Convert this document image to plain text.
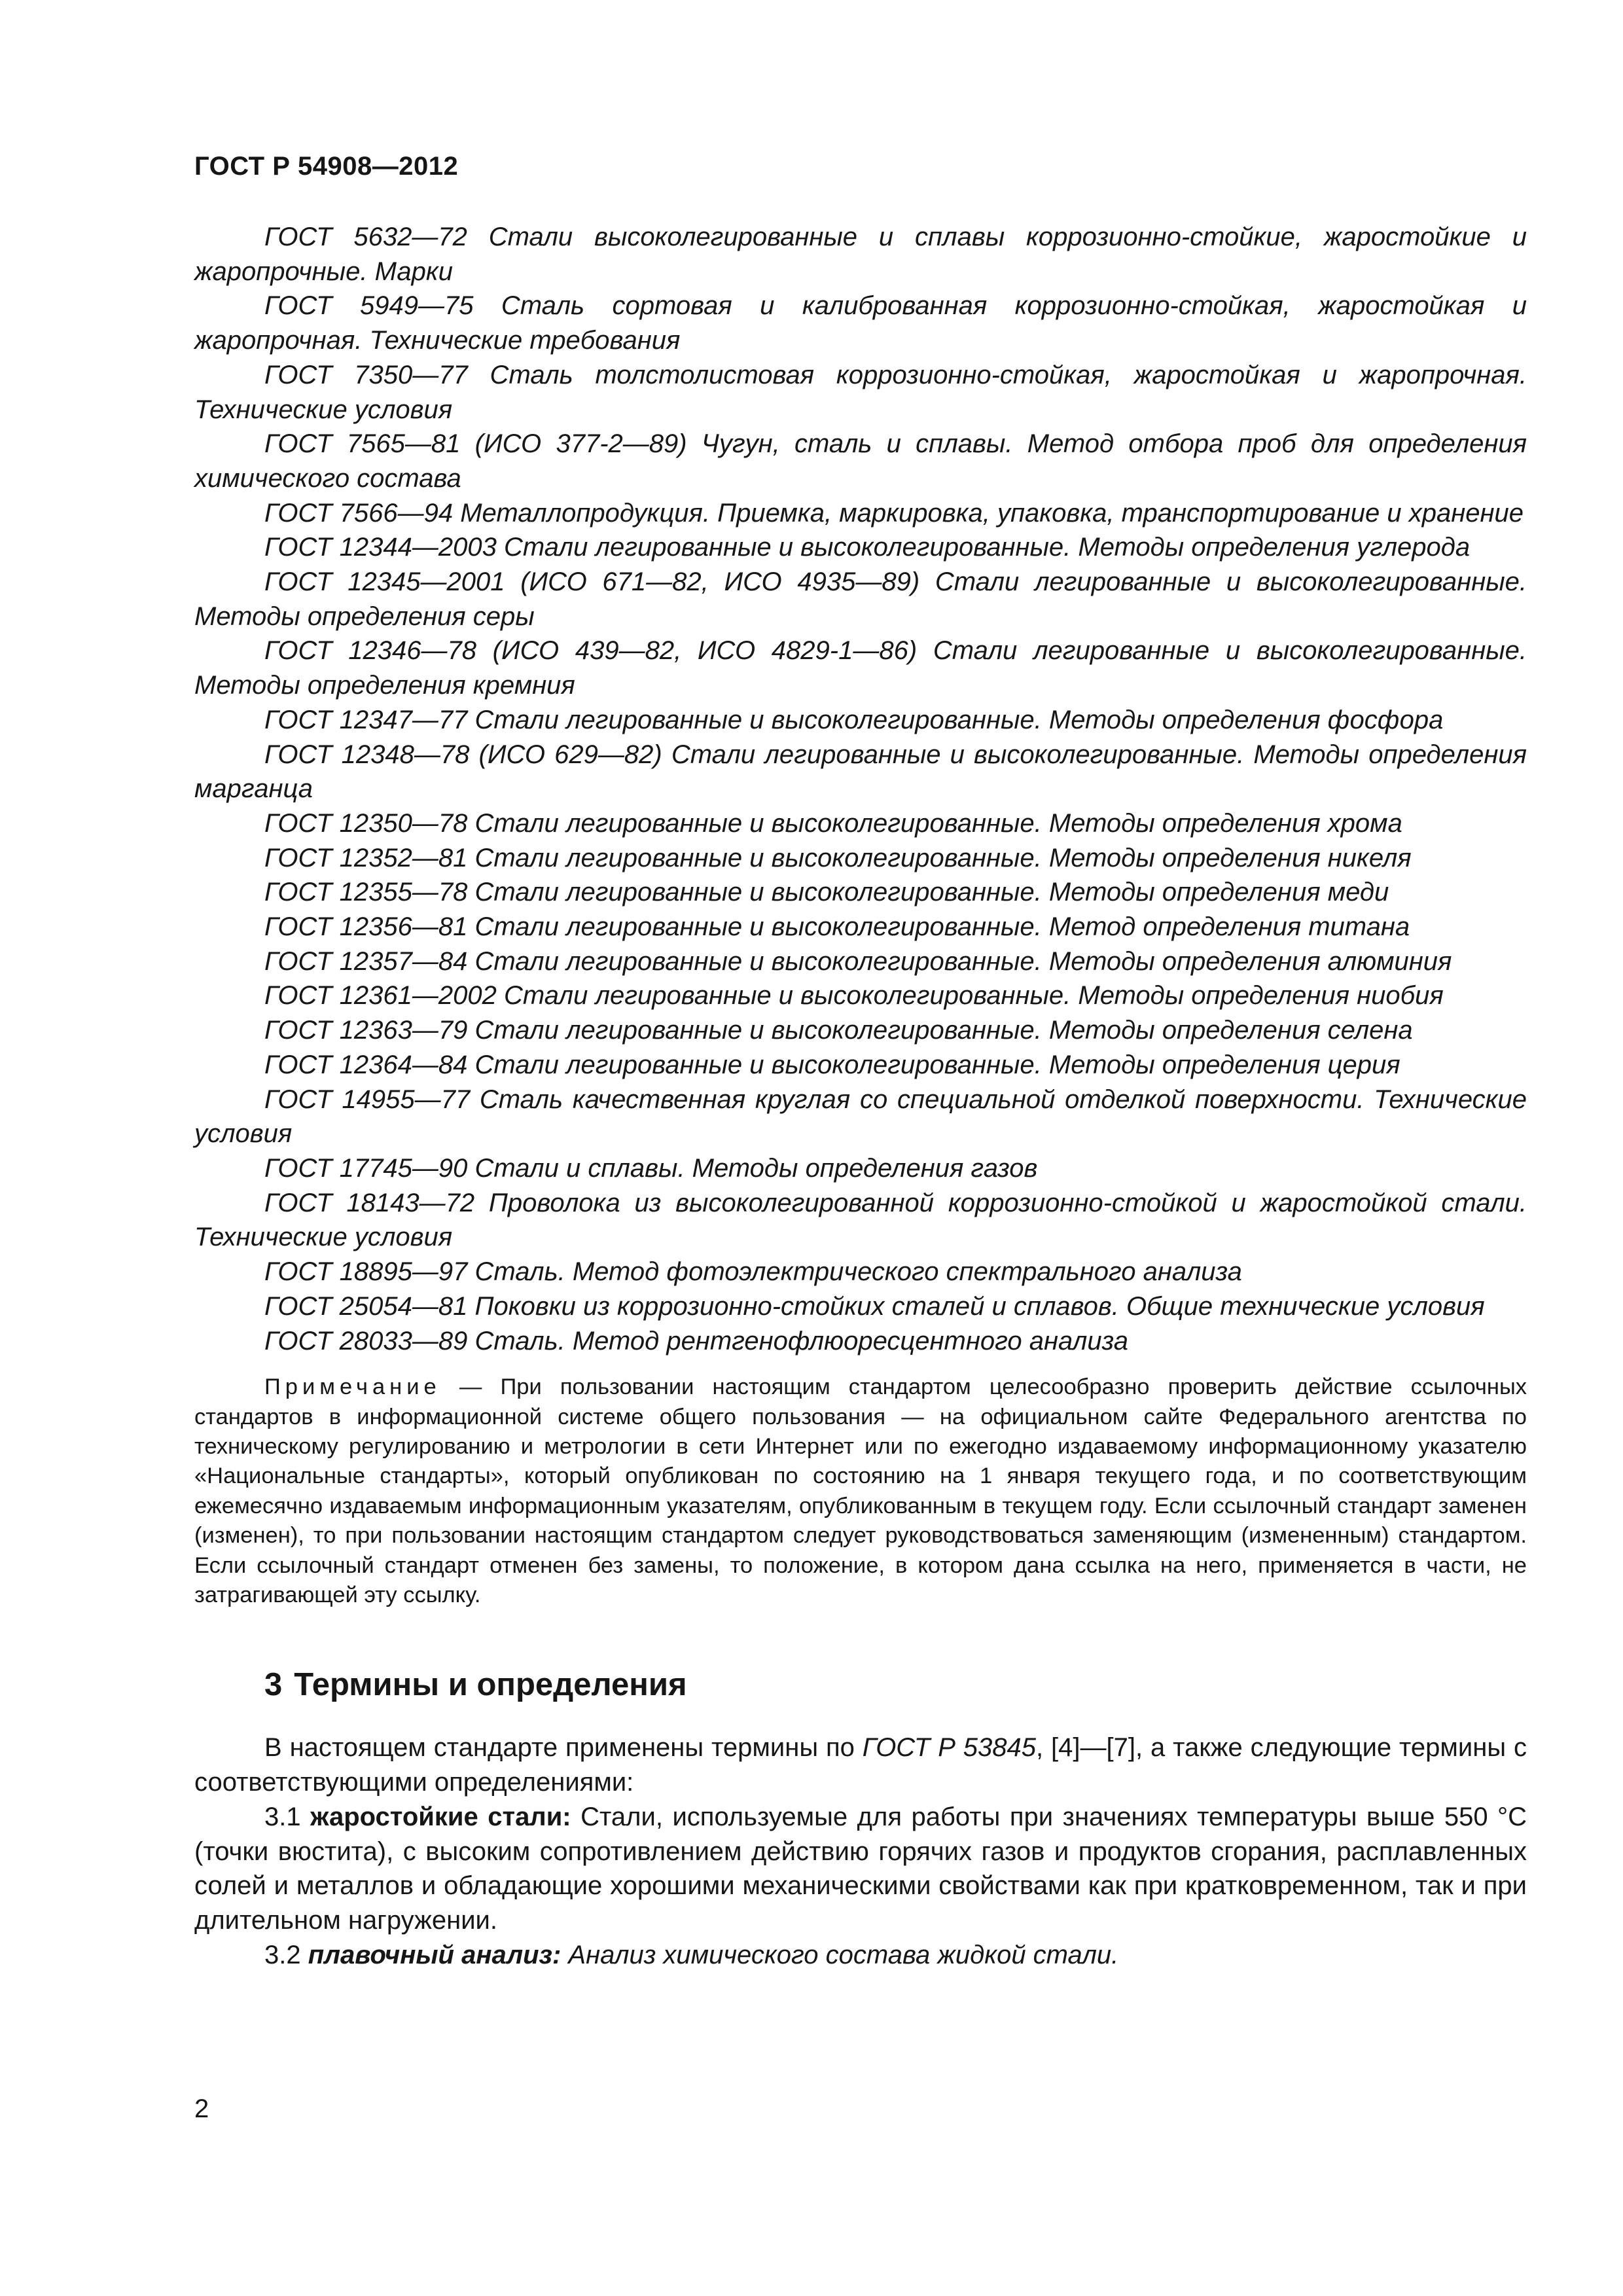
ГОСТ Р 54908—2012

ГОСТ 5632—72 Стали высоколегированные и сплавы коррозионно-стойкие, жаростойкие и жаропрочные. Марки

ГОСТ 5949—75 Сталь сортовая и калиброванная коррозионно-стойкая, жаростойкая и жаропрочная. Технические требования

ГОСТ 7350—77 Сталь толстолистовая коррозионно-стойкая, жаростойкая и жаропрочная. Технические условия

ГОСТ 7565—81 (ИСО 377-2—89) Чугун, сталь и сплавы. Метод отбора проб для определения химического состава

ГОСТ 7566—94 Металлопродукция. Приемка, маркировка, упаковка, транспортирование и хранение

ГОСТ 12344—2003 Стали легированные и высоколегированные. Методы определения углерода

ГОСТ 12345—2001 (ИСО 671—82, ИСО 4935—89) Стали легированные и высоколегированные. Методы определения серы

ГОСТ 12346—78 (ИСО 439—82, ИСО 4829-1—86) Стали легированные и высоколегированные. Методы определения кремния

ГОСТ 12347—77 Стали легированные и высоколегированные. Методы определения фосфора

ГОСТ 12348—78 (ИСО 629—82) Стали легированные и высоколегированные. Методы определения марганца

ГОСТ 12350—78 Стали легированные и высоколегированные. Методы определения хрома

ГОСТ 12352—81 Стали легированные и высоколегированные. Методы определения никеля

ГОСТ 12355—78 Стали легированные и высоколегированные. Методы определения меди

ГОСТ 12356—81 Стали легированные и высоколегированные. Метод определения титана

ГОСТ 12357—84 Стали легированные и высоколегированные. Методы определения алюминия

ГОСТ 12361—2002 Стали легированные и высоколегированные. Методы определения ниобия

ГОСТ 12363—79 Стали легированные и высоколегированные. Методы определения селена

ГОСТ 12364—84 Стали легированные и высоколегированные. Методы определения церия

ГОСТ 14955—77 Сталь качественная круглая со специальной отделкой поверхности. Технические условия

ГОСТ 17745—90 Стали и сплавы. Методы определения газов

ГОСТ 18143—72 Проволока из высоколегированной коррозионно-стойкой и жаростойкой стали. Технические условия

ГОСТ 18895—97 Сталь. Метод фотоэлектрического спектрального анализа

ГОСТ 25054—81 Поковки из коррозионно-стойких сталей и сплавов. Общие технические условия

ГОСТ 28033—89 Сталь. Метод рентгенофлюоресцентного анализа

Примечание — При пользовании настоящим стандартом целесообразно проверить действие ссылочных стандартов в информационной системе общего пользования — на официальном сайте Федерального агентства по техническому регулированию и метрологии в сети Интернет или по ежегодно издаваемому информационному указателю «Национальные стандарты», который опубликован по состоянию на 1 января текущего года, и по соответствующим ежемесячно издаваемым информационным указателям, опубликованным в текущем году. Если ссылочный стандарт заменен (изменен), то при пользовании настоящим стандартом следует руководствоваться заменяющим (измененным) стандартом. Если ссылочный стандарт отменен без замены, то положение, в котором дана ссылка на него, применяется в части, не затрагивающей эту ссылку.
3 Термины и определения

В настоящем стандарте применены термины по ГОСТ Р 53845, [4]—[7], а также следующие термины с соответствующими определениями:

3.1 жаростойкие стали: Стали, используемые для работы при значениях температуры выше 550 °С (точки вюстита), с высоким сопротивлением действию горячих газов и продуктов сгорания, расплавленных солей и металлов и обладающие хорошими механическими свойствами как при кратковременном, так и при длительном нагружении.

3.2 плавочный анализ: Анализ химического состава жидкой стали.

2
